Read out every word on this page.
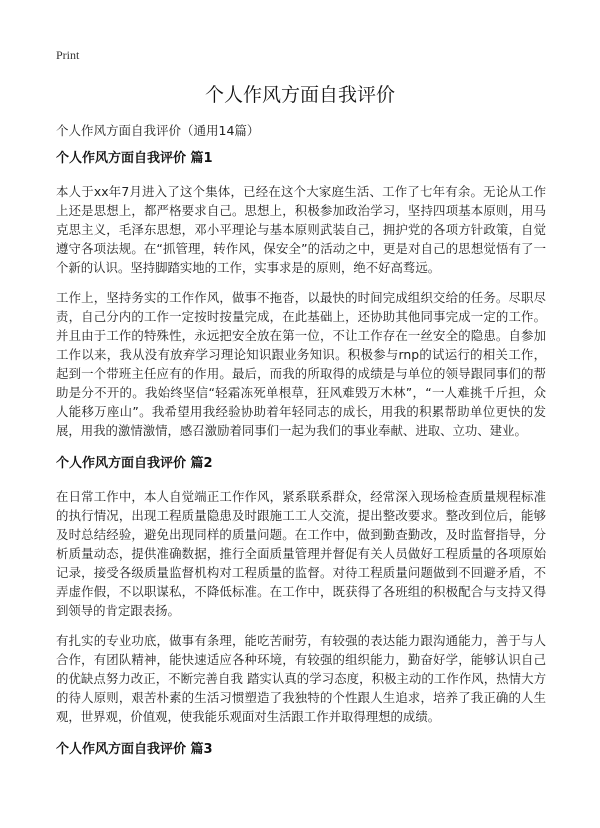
Print
个人作风方面自我评价
个人作风方面自我评价（通用14篇）
个人作风方面自我评价 篇1

本人于xx年7月进入了这个集体，已经在这个大家庭生活、工作了七年有余。无论从工作上还是思想上，都严格要求自己。思想上，积极参加政治学习，坚持四项基本原则，用马克思主义，毛泽东思想，邓小平理论与基本原则武装自己，拥护党的各项方针政策，自觉遵守各项法规。在“抓管理，转作风，保安全”的活动之中，更是对自己的思想觉悟有了一个新的认识。坚持脚踏实地的工作，实事求是的原则，绝不好高骛远。

工作上，坚持务实的工作作风，做事不拖沓，以最快的时间完成组织交给的任务。尽职尽责，自己分内的工作一定按时按量完成，在此基础上，还协助其他同事完成一定的工作。并且由于工作的特殊性，永远把安全放在第一位，不让工作存在一丝安全的隐患。自参加工作以来，我从没有放弃学习理论知识跟业务知识。积极参与rnp的试运行的相关工作，起到一个带班主任应有的作用。最后，而我的所取得的成绩是与单位的领导跟同事们的帮助是分不开的。我始终坚信“轻霜冻死单根草，狂风难毁万木林”，“一人难挑千斤担，众人能移万座山”。我希望用我经验协助着年轻同志的成长，用我的积累帮助单位更快的发展，用我的激情激情，感召激励着同事们一起为我们的事业奉献、进取、立功、建业。

个人作风方面自我评价 篇2

在日常工作中，本人自觉端正工作作风，紧系联系群众，经常深入现场检查质量规程标准的执行情况，出现工程质量隐患及时跟施工工人交流，提出整改要求。整改到位后，能够及时总结经验，避免出现同样的质量问题。在工作中，做到勤查勤改，及时监督指导，分析质量动态，提供准确数据，推行全面质量管理并督促有关人员做好工程质量的各项原始记录，接受各级质量监督机构对工程质量的监督。对待工程质量问题做到不回避矛盾，不弄虚作假，不以职谋私，不降低标准。在工作中，既获得了各班组的积极配合与支持又得到领导的肯定跟表扬。

有扎实的专业功底，做事有条理，能吃苦耐劳，有较强的表达能力跟沟通能力，善于与人合作，有团队精神，能快速适应各种环境，有较强的组织能力，勤奋好学，能够认识自己的优缺点努力改正，不断完善自我 踏实认真的学习态度，积极主动的工作作风，热情大方的待人原则，艰苦朴素的生活习惯塑造了我独特的个性跟人生追求，培养了我正确的人生观，世界观，价值观，使我能乐观面对生活跟工作并取得理想的成绩。

个人作风方面自我评价 篇3
